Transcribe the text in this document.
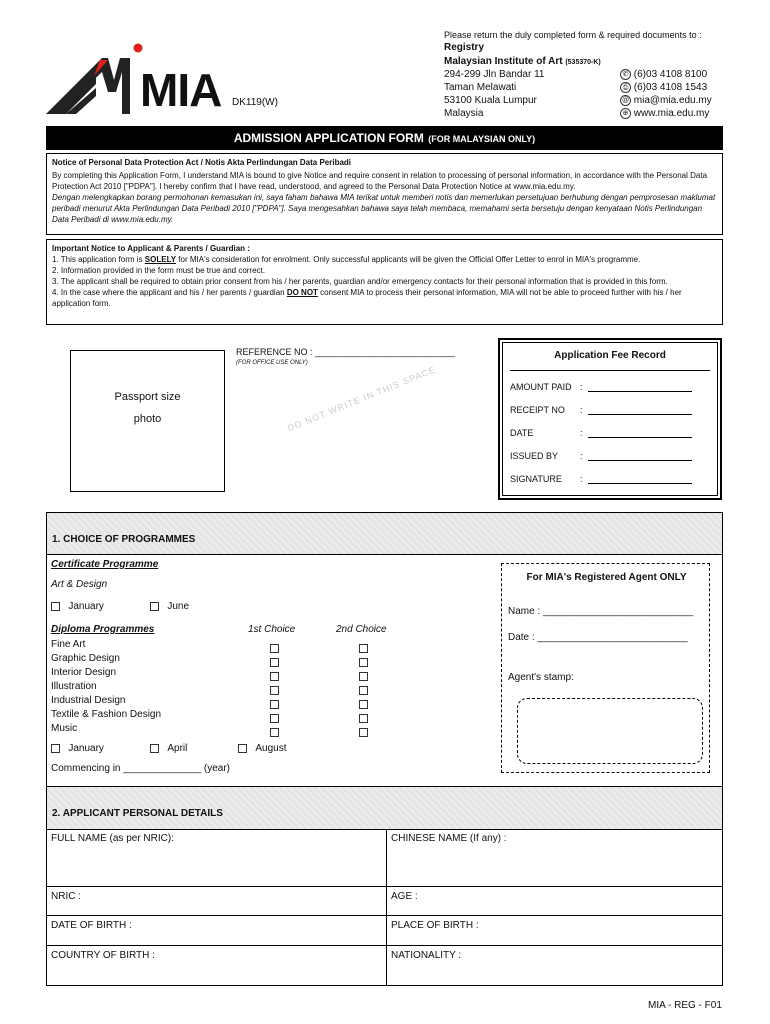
MIA DK119(W)
Please return the duly completed form & required documents to :
Registry
Malaysian Institute of Art (535370-K)
294-299 Jln Bandar 11
Taman Melawati
53100 Kuala Lumpur
Malaysia
✆ (6)03 4108 8100
⎙ (6)03 4108 1543
@ mia@mia.edu.my
⊕ www.mia.edu.my
ADMISSION APPLICATION FORM (FOR MALAYSIAN ONLY)
Notice of Personal Data Protection Act / Notis Akta Perlindungan Data Peribadi
By completing this Application Form, I understand MIA is bound to give Notice and require consent in relation to processing of personal information, in accordance with the Personal Data Protection Act 2010 ["PDPA"]. I hereby confirm that I have read, understood, and agreed to the Personal Data Protection Notice at www.mia.edu.my.
Dengan melengkapkan borang permohonan kemasukan ini, saya faham bahawa MIA terikat untuk memberi notis dan memerlukan persetujuan berhubung dengan pemprosesan maklumat peribadi menurut Akta Perlindungan Data Peribadi 2010 ["PDPA"]. Saya mengesahkan bahawa saya telah membaca, memahami serta bersetuju dengan kenyataan Notis Perlindungan Data Peribadi di www.mia.edu.my.
Important Notice to Applicant & Parents / Guardian :
1. This application form is SOLELY for MIA's consideration for enrolment. Only successful applicants will be given the Official Offer Letter to enrol in MIA's programme.
2. Information provided in the form must be true and correct.
3. The applicant shall be required to obtain prior consent from his / her parents, guardian and/or emergency contacts for their personal information that is provided in this form.
4. In the case where the applicant and his / her parents / guardian DO NOT consent MIA to process their personal information, MIA will not be able to proceed further with his / her application form.
Passport size
photo
REFERENCE NO : ____________________________
(FOR OFFICE USE ONLY)
DO NOT WRITE IN THIS SPACE
Application Fee Record
AMOUNT PAID :
RECEIPT NO :
DATE	:
ISSUED BY :
SIGNATURE :
1. CHOICE OF PROGRAMMES
Certificate Programme
Art & Design
January	June
Diploma Programmes	1st Choice	2nd Choice
Fine Art
Graphic Design
Interior Design
Illustration
Industrial Design
Textile & Fashion Design
Music
January	April	August
Commencing in ______________ (year)
For MIA's Registered Agent ONLY
Name : ___________________________
Date : ___________________________
Agent's stamp:
2. APPLICANT PERSONAL DETAILS
FULL NAME (as per NRIC):	CHINESE NAME (If any) :
NRIC :	AGE :
DATE OF BIRTH :	PLACE OF BIRTH :
COUNTRY OF BIRTH :	NATIONALITY :
MIA - REG - F01
